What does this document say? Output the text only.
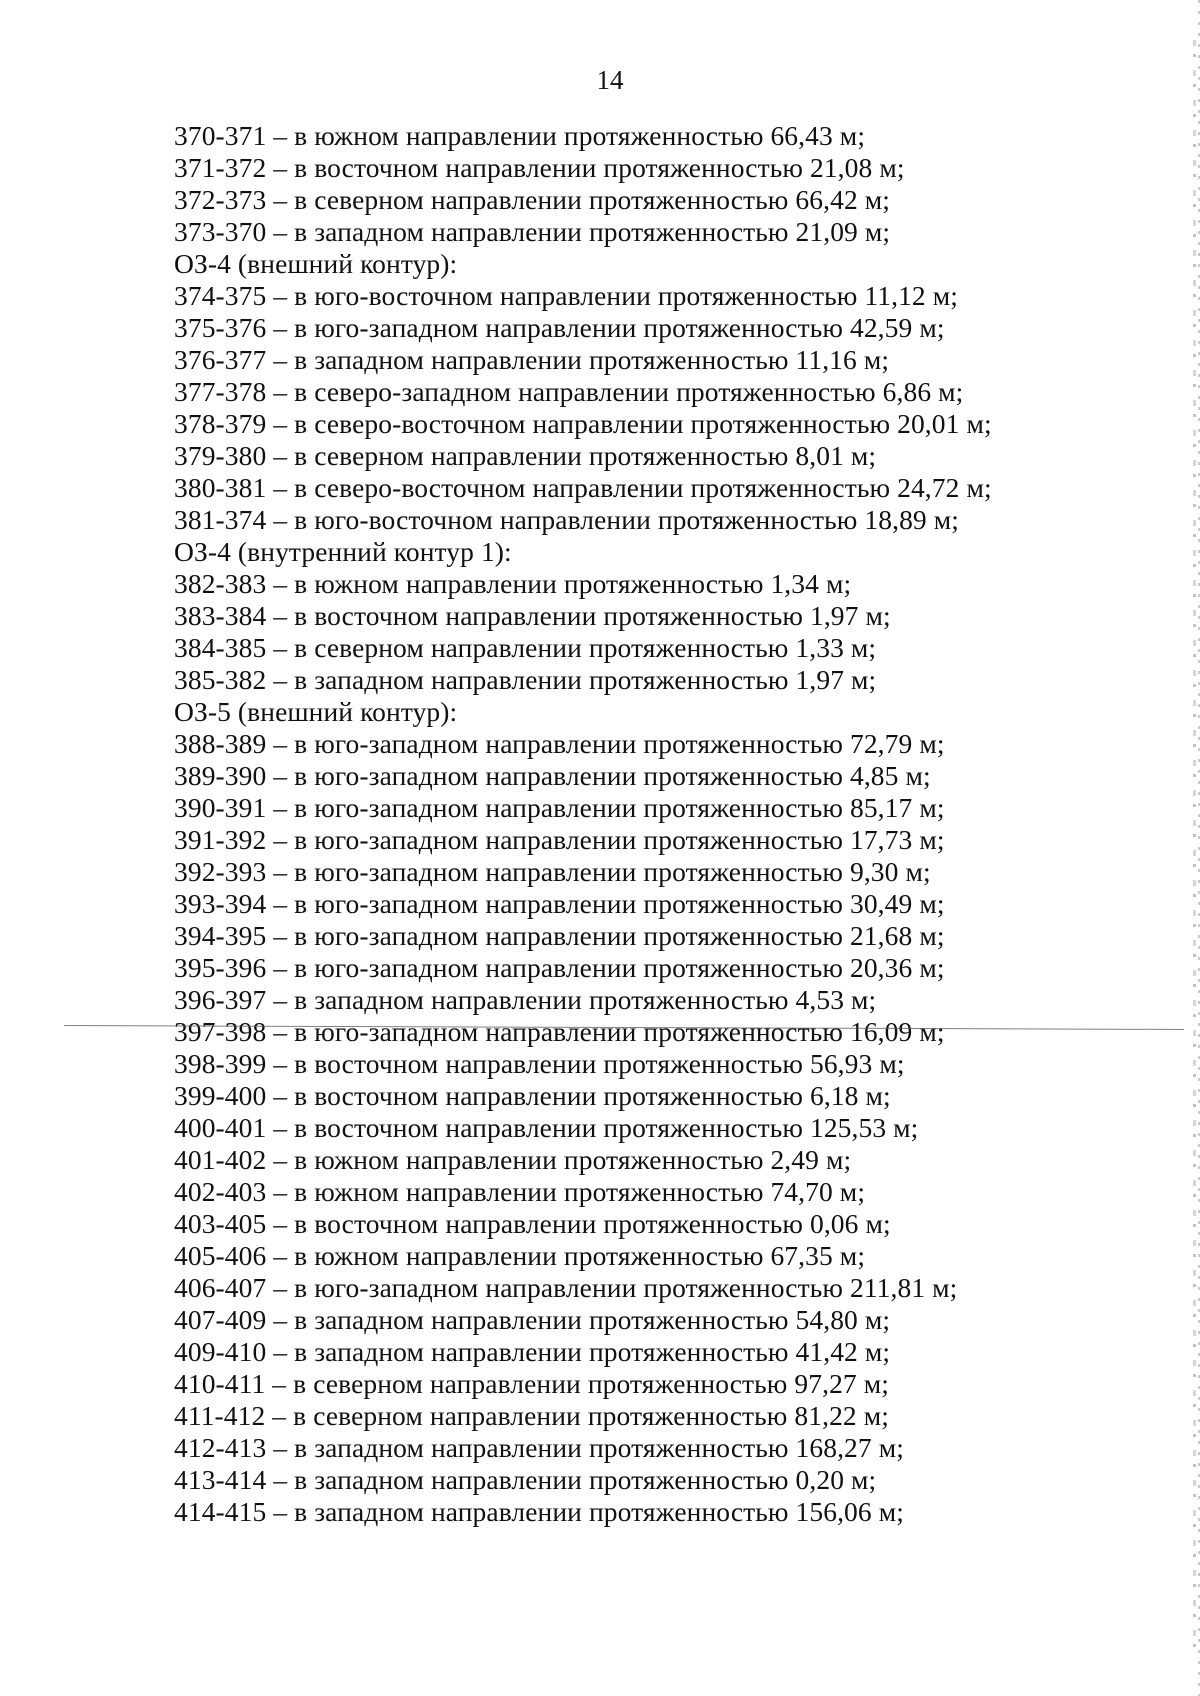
14
370-371 – в южном направлении протяженностью 66,43 м;
371-372 – в восточном направлении протяженностью 21,08 м;
372-373 – в северном направлении протяженностью 66,42 м;
373-370 – в западном направлении протяженностью 21,09 м;
ОЗ-4 (внешний контур):
374-375 – в юго-восточном направлении протяженностью 11,12 м;
375-376 – в юго-западном направлении протяженностью 42,59 м;
376-377 – в западном направлении протяженностью 11,16 м;
377-378 – в северо-западном направлении протяженностью 6,86 м;
378-379 – в северо-восточном направлении протяженностью 20,01 м;
379-380 – в северном направлении протяженностью 8,01 м;
380-381 – в северо-восточном направлении протяженностью 24,72 м;
381-374 – в юго-восточном направлении протяженностью 18,89 м;
ОЗ-4 (внутренний контур 1):
382-383 – в южном направлении протяженностью 1,34 м;
383-384 – в восточном направлении протяженностью 1,97 м;
384-385 – в северном направлении протяженностью 1,33 м;
385-382 – в западном направлении протяженностью 1,97 м;
ОЗ-5 (внешний контур):
388-389 – в юго-западном направлении протяженностью 72,79 м;
389-390 – в юго-западном направлении протяженностью 4,85 м;
390-391 – в юго-западном направлении протяженностью 85,17 м;
391-392 – в юго-западном направлении протяженностью 17,73 м;
392-393 – в юго-западном направлении протяженностью 9,30 м;
393-394 – в юго-западном направлении протяженностью 30,49 м;
394-395 – в юго-западном направлении протяженностью 21,68 м;
395-396 – в юго-западном направлении протяженностью 20,36 м;
396-397 – в западном направлении протяженностью 4,53 м;
397-398 – в юго-западном направлении протяженностью 16,09 м;
398-399 – в восточном направлении протяженностью 56,93 м;
399-400 – в восточном направлении протяженностью 6,18 м;
400-401 – в восточном направлении протяженностью 125,53 м;
401-402 – в южном направлении протяженностью 2,49 м;
402-403 – в южном направлении протяженностью 74,70 м;
403-405 – в восточном направлении протяженностью 0,06 м;
405-406 – в южном направлении протяженностью 67,35 м;
406-407 – в юго-западном направлении протяженностью 211,81 м;
407-409 – в западном направлении протяженностью 54,80 м;
409-410 – в западном направлении протяженностью 41,42 м;
410-411 – в северном направлении протяженностью 97,27 м;
411-412 – в северном направлении протяженностью 81,22 м;
412-413 – в западном направлении протяженностью 168,27 м;
413-414 – в западном направлении протяженностью 0,20 м;
414-415 – в западном направлении протяженностью 156,06 м;
